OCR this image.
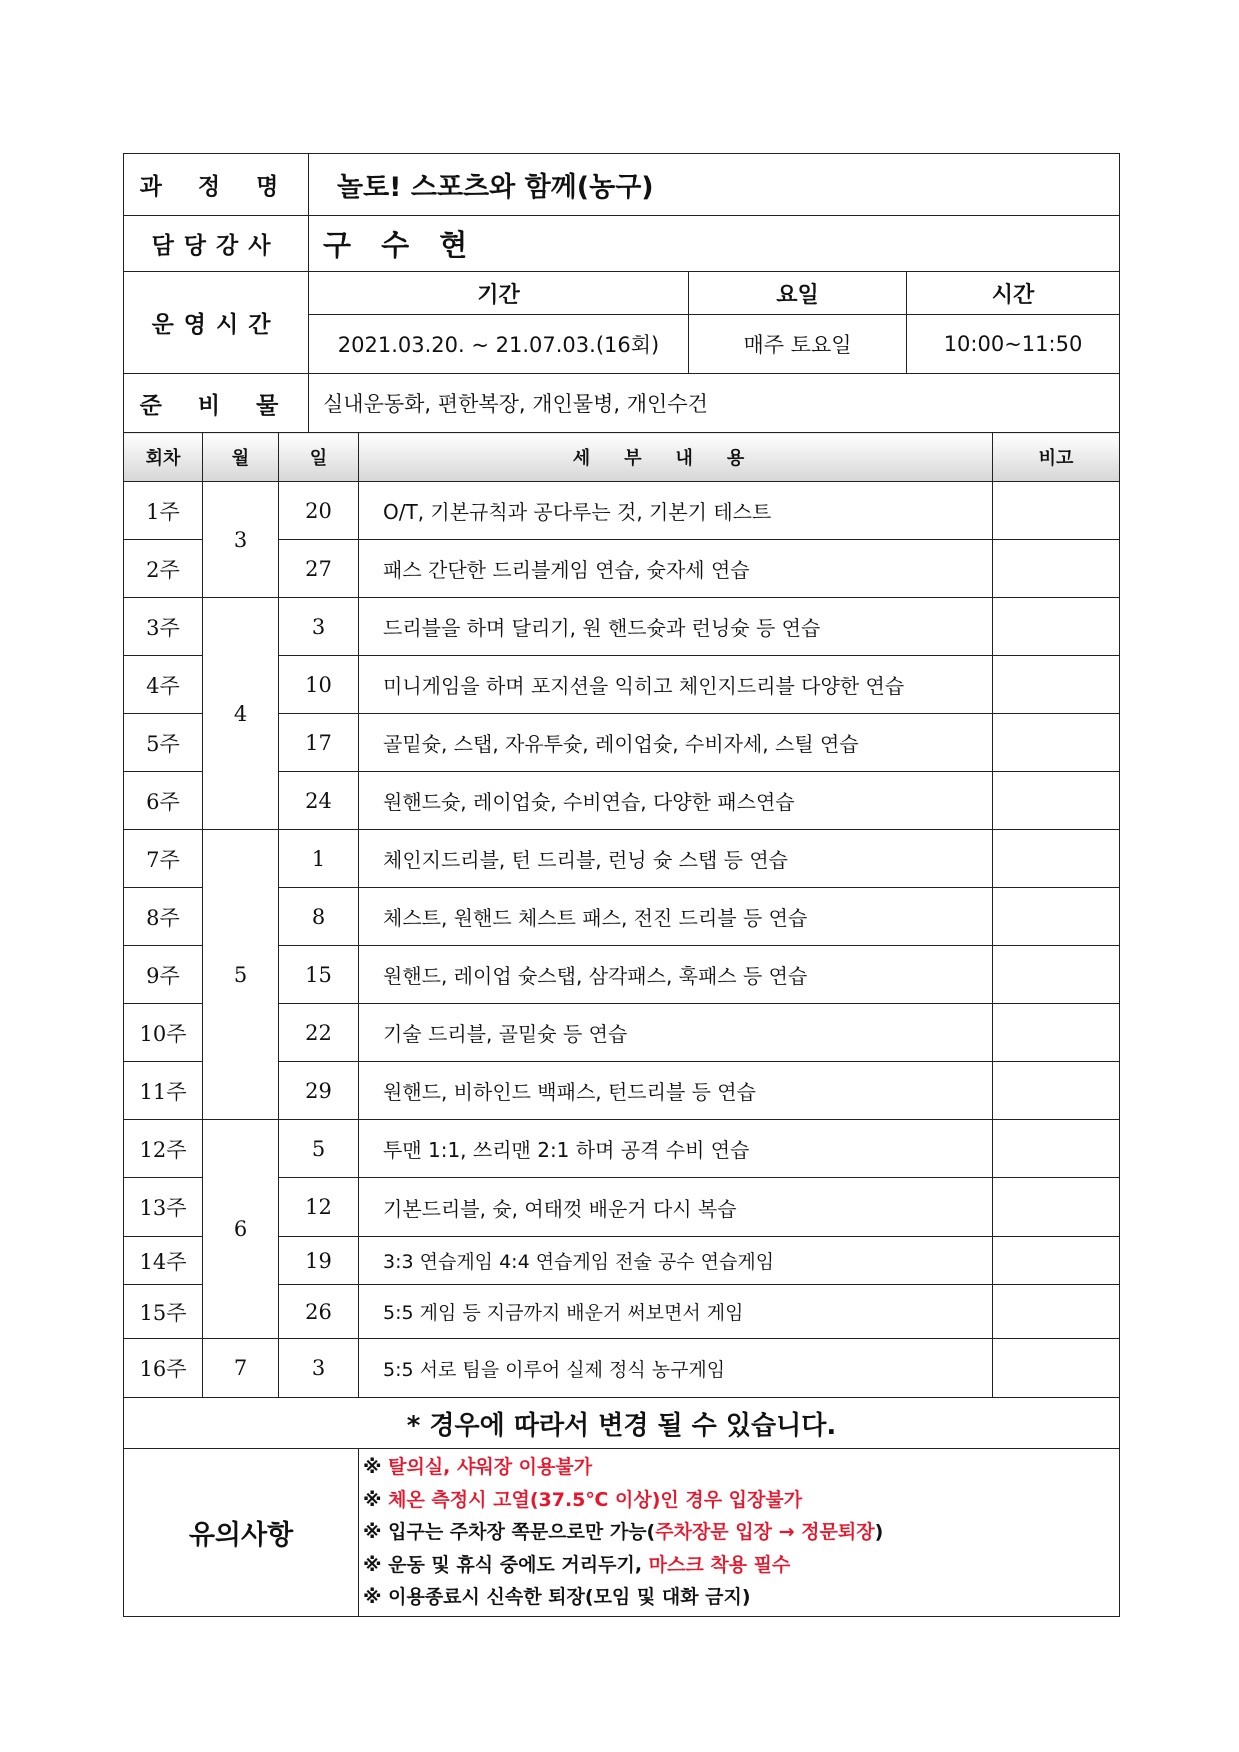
과 정 명	놀토! 스포츠와 함께(농구)		
담당강사	구 수 현		
운영시간	기간	요일	시간
	2021.03.20. ~ 21.07.03.(16회)	매주 토요일	10:00~11:50
준 비 물	실내운동화, 편한복장, 개인물병, 개인수건		
회차	월	일	세부내용	비고
1주	3	20	O/T, 기본규칙과 공다루는 것, 기본기 테스트	
2주		27	패스 간단한 드리블게임 연습, 슛자세 연습	
3주	4	3	드리블을 하며 달리기, 원 핸드슛과 런닝슛 등 연습	
4주		10	미니게임을 하며 포지션을 익히고 체인지드리블 다양한 연습	
5주		17	골밑슛, 스탭, 자유투슛, 레이업슛, 수비자세, 스틸 연습	
6주		24	원핸드슛, 레이업슛, 수비연습, 다양한 패스연습	
7주	5	1	체인지드리블, 턴 드리블, 런닝 슛 스탭 등 연습	
8주		8	체스트, 원핸드 체스트 패스, 전진 드리블 등 연습	
9주		15	원핸드, 레이업 슛스탭, 삼각패스, 훅패스 등 연습	
10주		22	기술 드리블, 골밑슛 등 연습	
11주		29	원핸드, 비하인드 백패스, 턴드리블 등 연습	
12주	6	5	투맨 1:1, 쓰리맨 2:1 하며 공격 수비 연습	
13주		12	기본드리블, 슛, 여태껏 배운거 다시 복습	
14주		19	3:3 연습게임 4:4 연습게임 전술 공수 연습게임	
15주		26	5:5 게임 등 지금까지 배운거 써보면서 게임	
16주	7	3	5:5 서로 팀을 이루어 실제 정식 농구게임	
* 경우에 따라서 변경 될 수 있습니다.				
유의사항			※ 탈의실, 샤워장 이용불가
※ 체온 측정시 고열(37.5℃ 이상)인 경우 입장불가
※ 입구는 주차장 쪽문으로만 가능(주차장문 입장 → 정문퇴장)
※ 운동 및 휴식 중에도 거리두기, 마스크 착용 필수
※ 이용종료시 신속한 퇴장(모임 및 대화 금지)	
